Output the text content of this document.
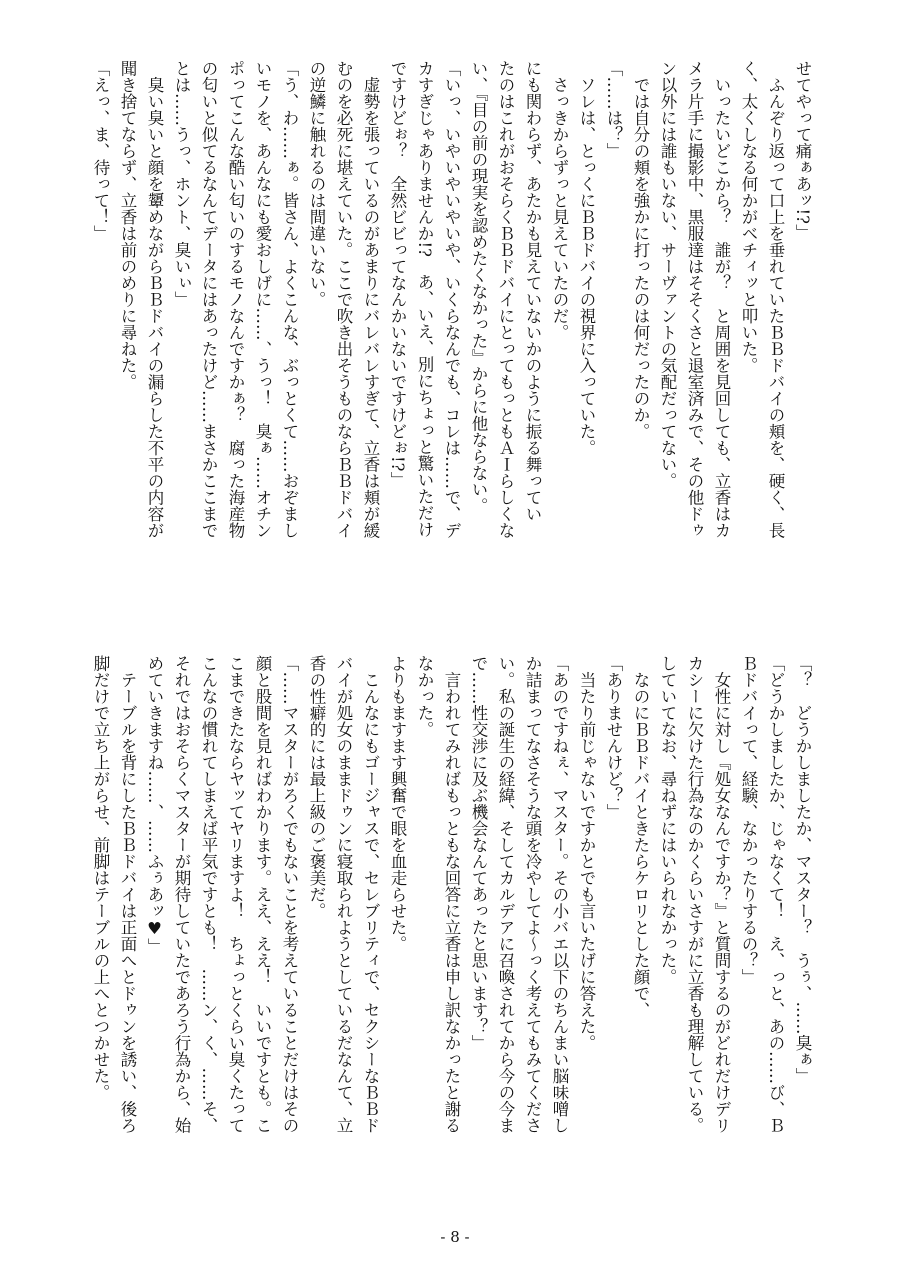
せてやって痛ぁあッ!?」
　ふんぞり返って口上を垂れていたＢＢドバイの頬を、硬く、長
く、太くしなる何かがベチィッと叩いた。
　いったいどこから？　誰が？　と周囲を見回しても、立香はカ
メラ片手に撮影中、黒服達はそそくさと退室済みで、その他ドゥ
ン以外には誰もいない、サーヴァントの気配だってない。
　では自分の頬を強かに打ったのは何だったのか。
「……は？」
　ソレは、とっくにＢＢドバイの視界に入っていた。
　さっきからずっと見えていたのだ。
にも関わらず、あたかも見えていないかのように振る舞ってい
たのはこれがおそらくＢＢドバイにとってもっともＡＩらしくな
い、『目の前の現実を認めたくなかった』からに他ならない。
「いっ、いやいやいやいや、いくらなんでも、コレは……で、デ
カすぎじゃありませんか!?　あ、いえ、別にちょっと驚いただけ
ですけどぉ？　全然ビビってなんかいないですけどぉ!?」
　虚勢を張っているのがあまりにバレバレすぎて、立香は頬が緩
むのを必死に堪えていた。ここで吹き出そうものならＢＢドバイ
の逆鱗に触れるのは間違いない。
「う、わ……ぁ。皆さん、よくこんな、ぶっとくて……おぞまし
いモノを、あんなにも愛おしげに……、うっ！　臭ぁ……オチン
ポってこんな酷い匂いのするモノなんですかぁ？　腐った海産物
の匂いと似てるなんてデータにはあったけど……まさかここまで
とは……うっ、ホント、臭いぃ」
　臭い臭いと顔を顰めながらＢＢドバイの漏らした不平の内容が
聞き捨てならず、立香は前のめりに尋ねた。
「えっ、ま、待って！」
「？　どうかしましたか、マスター？　うぅ、……臭ぁ」
「どうかしましたか、じゃなくて！　え、っと、あの……び、Ｂ
Ｂドバイって、経験、なかったりするの？」
　女性に対し『処女なんですか？』と質問するのがどれだけデリ
カシーに欠けた行為なのかくらいさすがに立香も理解している。
していてなお、尋ねずにはいられなかった。
　なのにＢＢドバイときたらケロリとした顔で、
「ありませんけど？」
　当たり前じゃないですかとでも言いたげに答えた。
「あのですねぇ、マスター。その小バエ以下のちんまい脳味噌し
か詰まってなさそうな頭を冷やしてよ～っく考えてもみてくださ
い。私の誕生の経緯、そしてカルデアに召喚されてから今の今ま
で……性交渉に及ぶ機会なんてあったと思います？」
　言われてみればもっともな回答に立香は申し訳なかったと謝る
なかった。
よりもますます興奮で眼を血走らせた。
　こんなにもゴージャスで、セレブリティで、セクシーなＢＢド
バイが処女のままドゥンに寝取られようとしているだなんて、立
香の性癖的には最上級のご褒美だ。
「……マスターがろくでもないことを考えていることだけはその
顔と股間を見ればわかります。ええ、ええ！　いいですとも。こ
こまできたならヤッてヤリますよ！　ちょっとくらい臭くたって
こんなの慣れてしまえば平気ですとも！　……ン、く、……そ、
それではおそらくマスターが期待していたであろう行為から、始
めていきますね……、……ふぅあッ♥」
　テーブルを背にしたＢＢドバイは正面へとドゥンを誘い、後ろ
脚だけで立ち上がらせ、前脚はテーブルの上へとつかせた。
- 8 -
